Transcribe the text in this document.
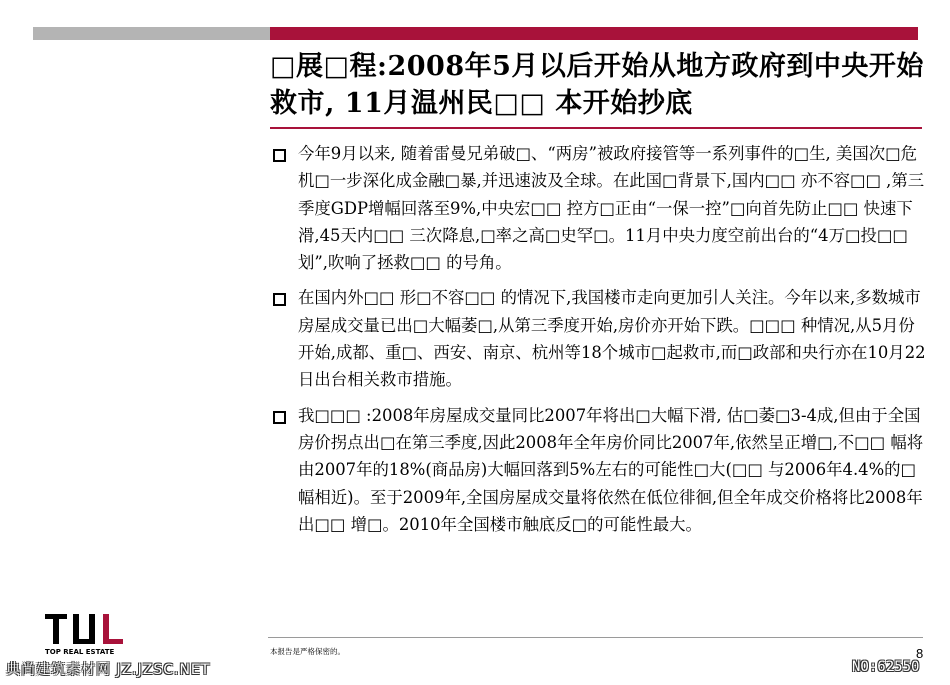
□展□程:2008年5月以后开始从地方政府到中央开始救市, 11月温州民□□ 本开始抄底
今年9月以来, 随着雷曼兄弟破□、“两房”被政府接管等一系列事件的□生, 美国次□危机□一步深化成金融□暴,并迅速波及全球。在此国□背景下,国内□□ 亦不容□□ ,第三季度GDP增幅回落至9%,中央宏□□ 控方□正由“一保一控”□向首先防止□□ 快速下滑,45天内□□ 三次降息,□率之高□史罕□。11月中央力度空前出台的“4万□投□□ 划”,吹响了拯救□□ 的号角。
在国内外□□ 形□不容□□ 的情况下,我国楼市走向更加引人关注。今年以来,多数城市房屋成交量已出□大幅萎□,从第三季度开始,房价亦开始下跌。□□□ 种情况,从5月份开始,成都、重□、西安、南京、杭州等18个城市□起救市,而□政部和央行亦在10月22日出台相关救市措施。
我□□□ :2008年房屋成交量同比2007年将出□大幅下滑, 估□萎□3-4成,但由于全国房价拐点出□在第三季度,因此2008年全年房价同比2007年,依然呈正增□,不□□ 幅将由2007年的18%(商品房)大幅回落到5%左右的可能性□大(□□ 与2006年4.4%的□幅相近)。至于2009年,全国房屋成交量将依然在低位徘徊,但全年成交价格将比2008年出□□ 增□。2010年全国楼市触底反□的可能性最大。
TOP REAL ESTATE	本报告是严格保密的。	8
典尚建筑素材网 JZ.JZSC.NET	NO:62550
